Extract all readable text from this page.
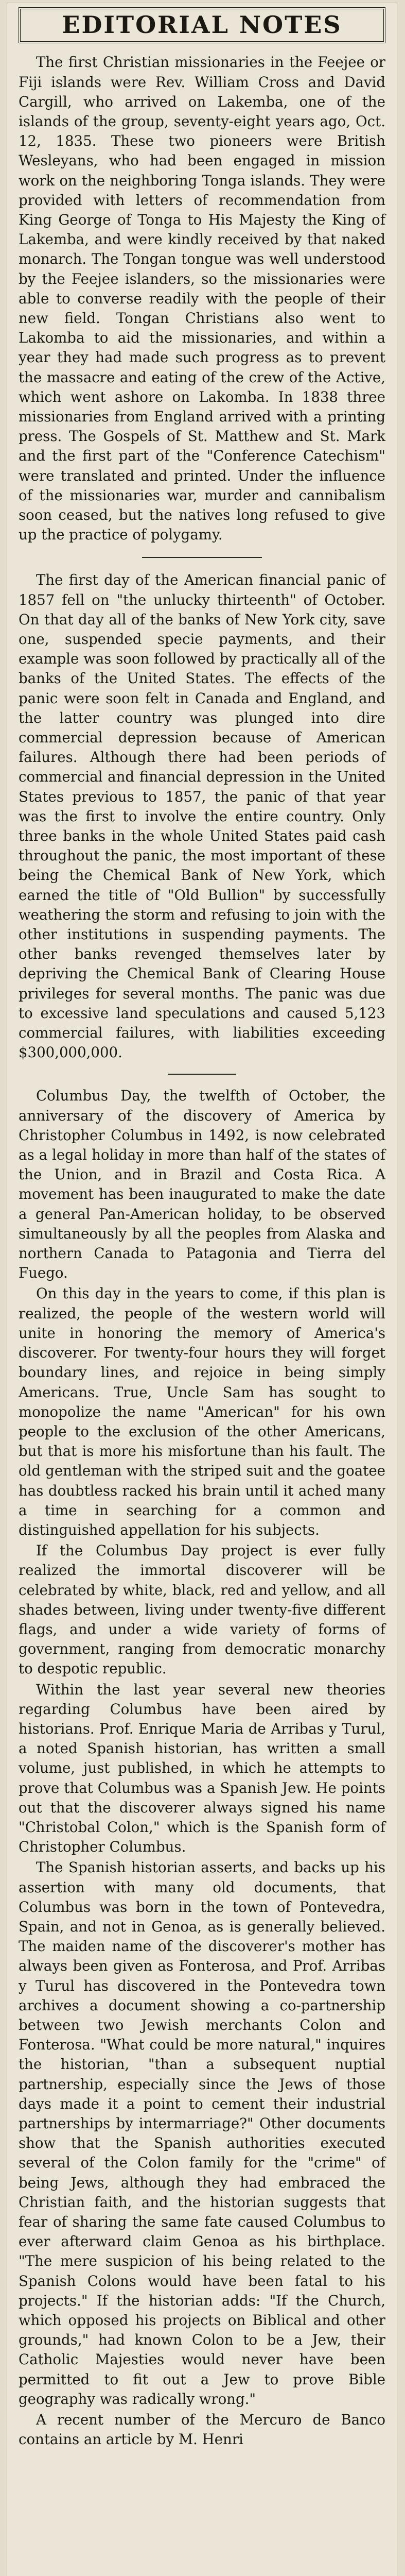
EDITORIAL NOTES

The first Christian missionaries in the Feejee or Fiji islands were Rev. William Cross and David Cargill, who arrived on Lakemba, one of the islands of the group, seventy-eight years ago, Oct. 12, 1835. These two pioneers were British Wesleyans, who had been engaged in mission work on the neighboring Tonga islands. They were provided with letters of recommendation from King George of Tonga to His Majesty the King of Lakemba, and were kindly received by that naked monarch. The Tongan tongue was well understood by the Feejee islanders, so the missionaries were able to converse readily with the people of their new field. Tongan Christians also went to Lakomba to aid the missionaries, and within a year they had made such progress as to prevent the massacre and eating of the crew of the Active, which went ashore on Lakomba. In 1838 three missionaries from England arrived with a printing press. The Gospels of St. Matthew and St. Mark and the first part of the "Conference Catechism" were translated and printed. Under the influence of the missionaries war, murder and cannibalism soon ceased, but the natives long refused to give up the practice of polygamy.

The first day of the American financial panic of 1857 fell on "the unlucky thirteenth" of October. On that day all of the banks of New York city, save one, suspended specie payments, and their example was soon followed by practically all of the banks of the United States. The effects of the panic were soon felt in Canada and England, and the latter country was plunged into dire commercial depression because of American failures. Although there had been periods of commercial and financial depression in the United States previous to 1857, the panic of that year was the first to involve the entire country. Only three banks in the whole United States paid cash throughout the panic, the most important of these being the Chemical Bank of New York, which earned the title of "Old Bullion" by successfully weathering the storm and refusing to join with the other institutions in suspending payments. The other banks revenged themselves later by depriving the Chemical Bank of Clearing House privileges for several months. The panic was due to excessive land speculations and caused 5,123 commercial failures, with liabilities exceeding $300,000,000.

Columbus Day, the twelfth of October, the anniversary of the discovery of America by Christopher Columbus in 1492, is now celebrated as a legal holiday in more than half of the states of the Union, and in Brazil and Costa Rica. A movement has been inaugurated to make the date a general Pan-American holiday, to be observed simultaneously by all the peoples from Alaska and northern Canada to Patagonia and Tierra del Fuego.

On this day in the years to come, if this plan is realized, the people of the western world will unite in honoring the memory of America's discoverer. For twenty-four hours they will forget boundary lines, and rejoice in being simply Americans. True, Uncle Sam has sought to monopolize the name "American" for his own people to the exclusion of the other Americans, but that is more his misfortune than his fault. The old gentleman with the striped suit and the goatee has doubtless racked his brain until it ached many a time in searching for a common and distinguished appellation for his subjects.

If the Columbus Day project is ever fully realized the immortal discoverer will be celebrated by white, black, red and yellow, and all shades between, living under twenty-five different flags, and under a wide variety of forms of government, ranging from democratic monarchy to despotic republic.

Within the last year several new theories regarding Columbus have been aired by historians. Prof. Enrique Maria de Arribas y Turul, a noted Spanish historian, has written a small volume, just published, in which he attempts to prove that Columbus was a Spanish Jew. He points out that the discoverer always signed his name "Christobal Colon," which is the Spanish form of Christopher Columbus.

The Spanish historian asserts, and backs up his assertion with many old documents, that Columbus was born in the town of Pontevedra, Spain, and not in Genoa, as is generally believed. The maiden name of the discoverer's mother has always been given as Fonterosa, and Prof. Arribas y Turul has discovered in the Pontevedra town archives a document showing a co-partnership between two Jewish merchants Colon and Fonterosa. "What could be more natural," inquires the historian, "than a subsequent nuptial partnership, especially since the Jews of those days made it a point to cement their industrial partnerships by intermarriage?" Other documents show that the Spanish authorities executed several of the Colon family for the "crime" of being Jews, although they had embraced the Christian faith, and the historian suggests that fear of sharing the same fate caused Columbus to ever afterward claim Genoa as his birthplace. "The mere suspicion of his being related to the Spanish Colons would have been fatal to his projects." If the historian adds: "If the Church, which opposed his projects on Biblical and other grounds," had known Colon to be a Jew, their Catholic Majesties would never have been permitted to fit out a Jew to prove Bible geography was radically wrong."

A recent number of the Mercuro de Banco contains an article by M. Henri
